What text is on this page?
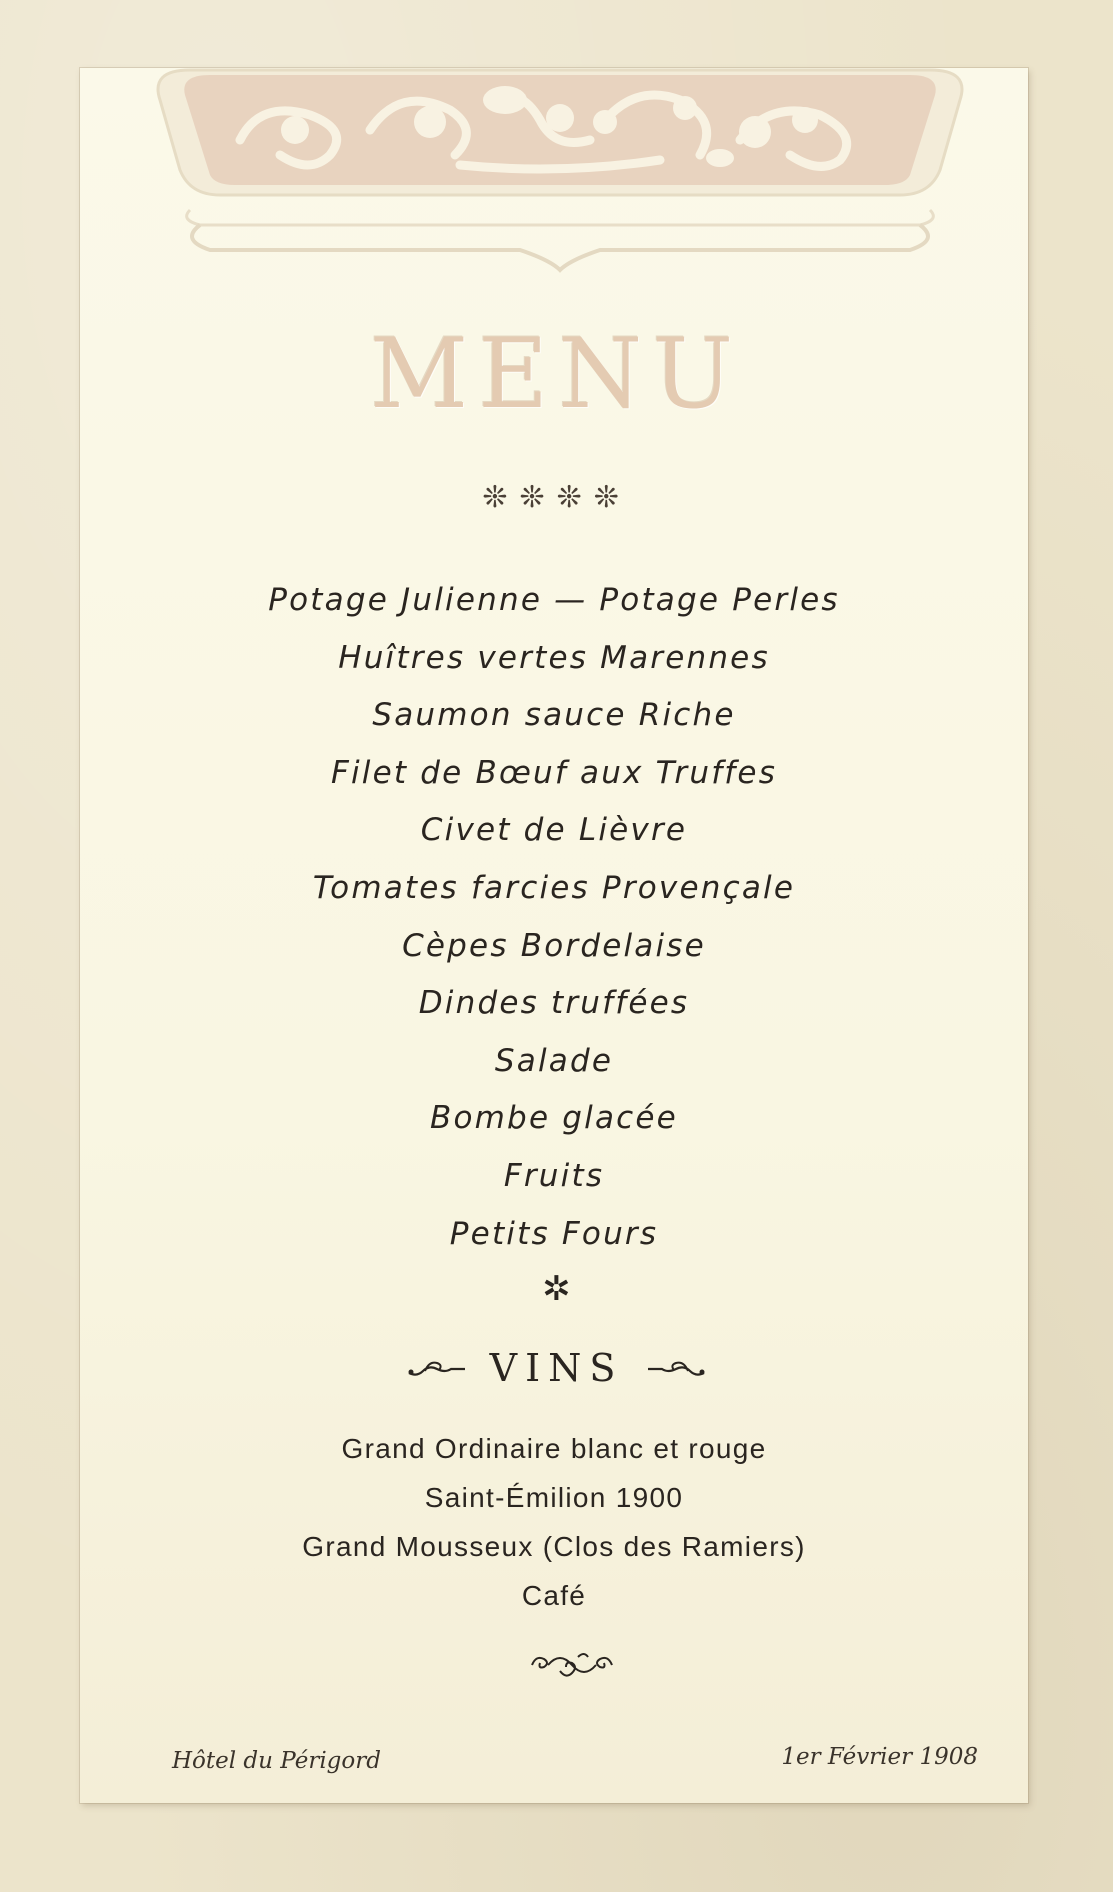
MENU
❊❊❊❊
Potage Julienne — Potage Perles
Huîtres vertes Marennes
Saumon sauce Riche
Filet de Bœuf aux Truffes
Civet de Lièvre
Tomates farcies Provençale
Cèpes Bordelaise
Dindes truffées
Salade
Bombe glacée
Fruits
Petits Fours
✲
VINS
Grand Ordinaire blanc et rouge
Saint-Émilion 1900
Grand Mousseux (Clos des Ramiers)
Café
Hôtel du Périgord	1er Février 1908
